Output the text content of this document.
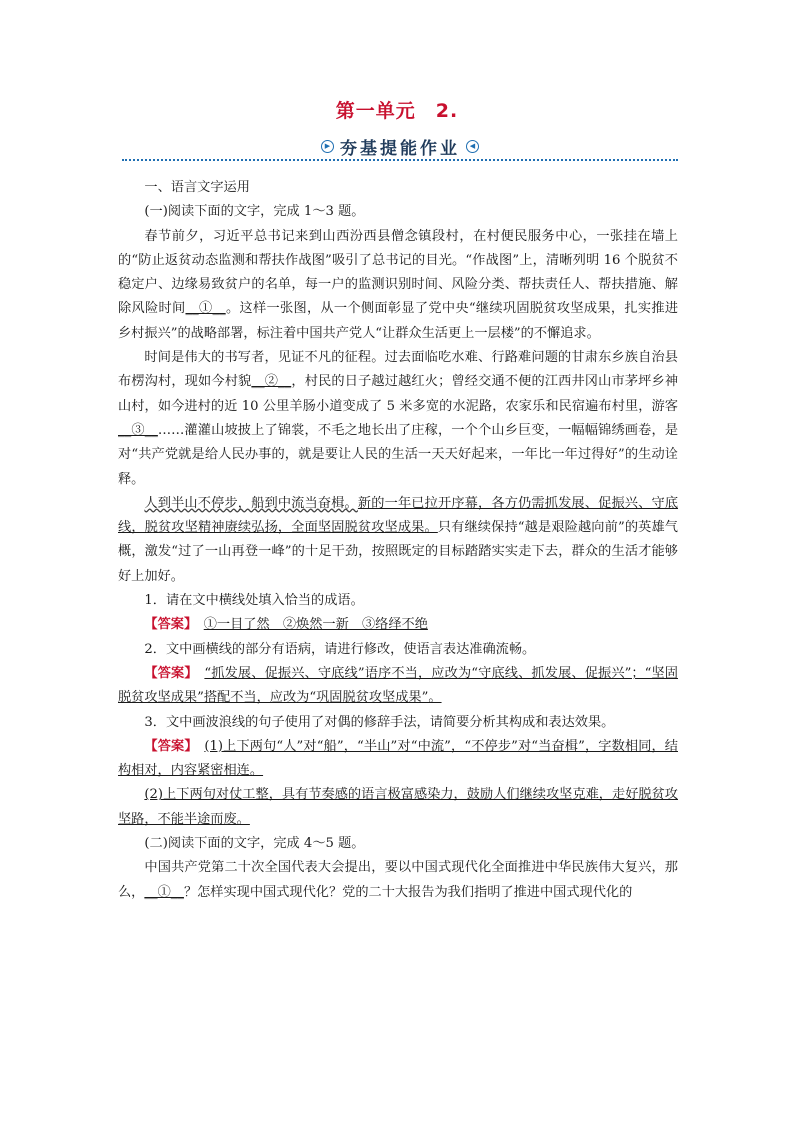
第一单元　2.
▶ 夯基提能作业	◀

一、语言文字运用

(一)阅读下面的文字，完成 1～3 题。

春节前夕，习近平总书记来到山西汾西县僧念镇段村，在村便民服务中心，一张挂在墙上的“防止返贫动态监测和帮扶作战图”吸引了总书记的目光。“作战图”上，清晰列明 16 个脱贫不稳定户、边缘易致贫户的名单，每一户的监测识别时间、风险分类、帮扶责任人、帮扶措施、解除风险时间__①__。这样一张图，从一个侧面彰显了党中央“继续巩固脱贫攻坚成果，扎实推进乡村振兴”的战略部署，标注着中国共产党人“让群众生活更上一层楼”的不懈追求。

时间是伟大的书写者，见证不凡的征程。过去面临吃水难、行路难问题的甘肃东乡族自治县布楞沟村，现如今村貌__②__，村民的日子越过越红火；曾经交通不便的江西井冈山市茅坪乡神山村，如今进村的近 10 公里羊肠小道变成了 5 米多宽的水泥路，农家乐和民宿遍布村里，游客__③__……灌灌山坡披上了锦裳，不毛之地长出了庄稼，一个个山乡巨变，一幅幅锦绣画卷，是对“共产党就是给人民办事的，就是要让人民的生活一天天好起来，一年比一年过得好”的生动诠释。

人到半山不停步，船到中流当奋楫。新的一年已拉开序幕，各方仍需抓发展、促振兴、守底线，脱贫攻坚精神赓续弘扬，全面坚固脱贫攻坚成果。只有继续保持“越是艰险越向前”的英雄气概，激发“过了一山再登一峰”的十足干劲，按照既定的目标踏踏实实走下去，群众的生活才能够好上加好。

1．请在文中横线处填入恰当的成语。

【答案】　 ①一目了然　②焕然一新　③络绎不绝

2．文中画横线的部分有语病，请进行修改，使语言表达准确流畅。

【答案】　 “抓发展、促振兴、守底线”语序不当，应改为“守底线、抓发展、促振兴”；“坚固脱贫攻坚成果”搭配不当，应改为“巩固脱贫攻坚成果”。

3．文中画波浪线的句子使用了对偶的修辞手法，请简要分析其构成和表达效果。

【答案】　 (1)上下两句“人”对“船”，“半山”对“中流”，“不停步”对“当奋楫”，字数相同，结构相对，内容紧密相连。

(2)上下两句对仗工整，具有节奏感的语言极富感染力，鼓励人们继续攻坚克难，走好脱贫攻坚路，不能半途而废。

(二)阅读下面的文字，完成 4～5 题。

中国共产党第二十次全国代表大会提出，要以中国式现代化全面推进中华民族伟大复兴，那么，__①__？怎样实现中国式现代化？党的二十大报告为我们指明了推进中国式现代化的
